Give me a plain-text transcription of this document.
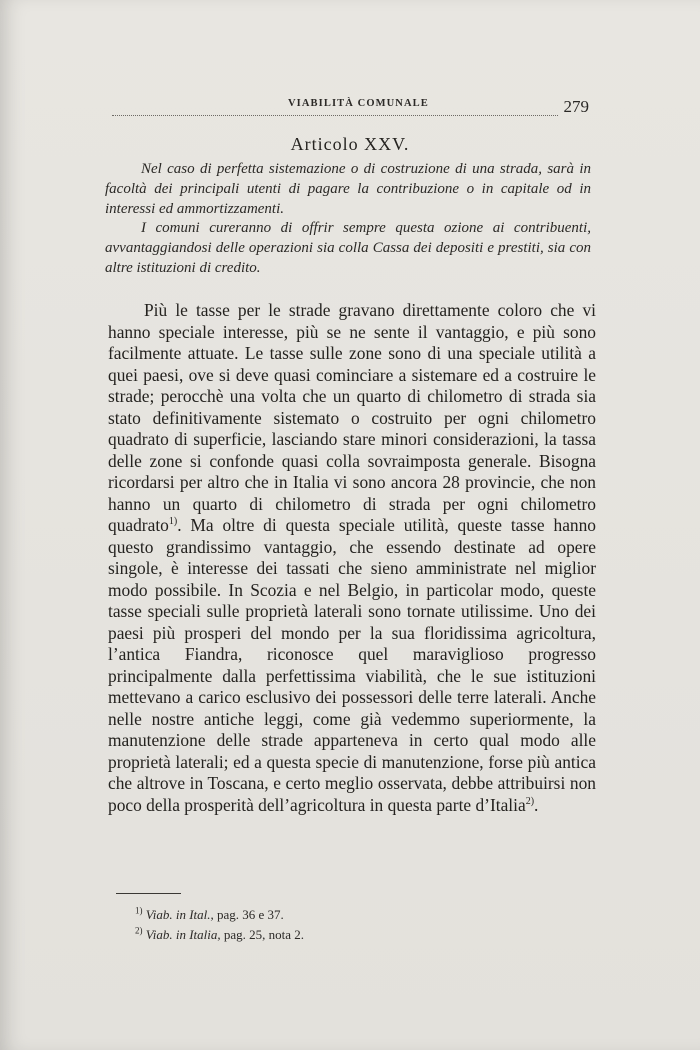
VIABILITÀ COMUNALE	279
Articolo XXV.

Nel caso di perfetta sistemazione o di costruzione di una strada, sarà in facoltà dei principali utenti di pagare la contribuzione o in capitale od in interessi ed ammortizzamenti.

I comuni cureranno di offrir sempre questa ozione ai contribuenti, avvantaggiandosi delle operazioni sia colla Cassa dei depositi e prestiti, sia con altre istituzioni di credito.

Più le tasse per le strade gravano direttamente coloro che vi hanno speciale interesse, più se ne sente il vantaggio, e più sono facilmente attuate. Le tasse sulle zone sono di una speciale utilità a quei paesi, ove si deve quasi cominciare a sistemare ed a costruire le strade; perocchè una volta che un quarto di chilometro di strada sia stato definitivamente sistemato o costruito per ogni chilometro quadrato di superficie, lasciando stare minori considerazioni, la tassa delle zone si confonde quasi colla sovraimposta generale. Bisogna ricordarsi per altro che in Italia vi sono ancora 28 provincie, che non hanno un quarto di chilometro di strada per ogni chilometro quadrato$^{1)}$. Ma oltre di questa speciale utilità, queste tasse hanno questo grandissimo vantaggio, che essendo destinate ad opere singole, è interesse dei tassati che sieno amministrate nel miglior modo possibile. In Scozia e nel Belgio, in particolar modo, queste tasse speciali sulle proprietà laterali sono tornate utilissime. Uno dei paesi più prosperi del mondo per la sua floridissima agricoltura, l’antica Fiandra, riconosce quel maraviglioso progresso principalmente dalla perfettissima viabilità, che le sue istituzioni mettevano a carico esclusivo dei possessori delle terre laterali. Anche nelle nostre antiche leggi, come già vedemmo superiormente, la manutenzione delle strade apparteneva in certo qual modo alle proprietà laterali; ed a questa specie di manutenzione, forse più antica che altrove in Toscana, e certo meglio osservata, debbe attribuirsi non poco della prosperità dell’agricoltura in questa parte d’Italia$^{2)}$.

$^{1)}$ Viab. in Ital., pag. 36 e 37.
$^{2)}$ Viab. in Italia, pag. 25, nota 2.
